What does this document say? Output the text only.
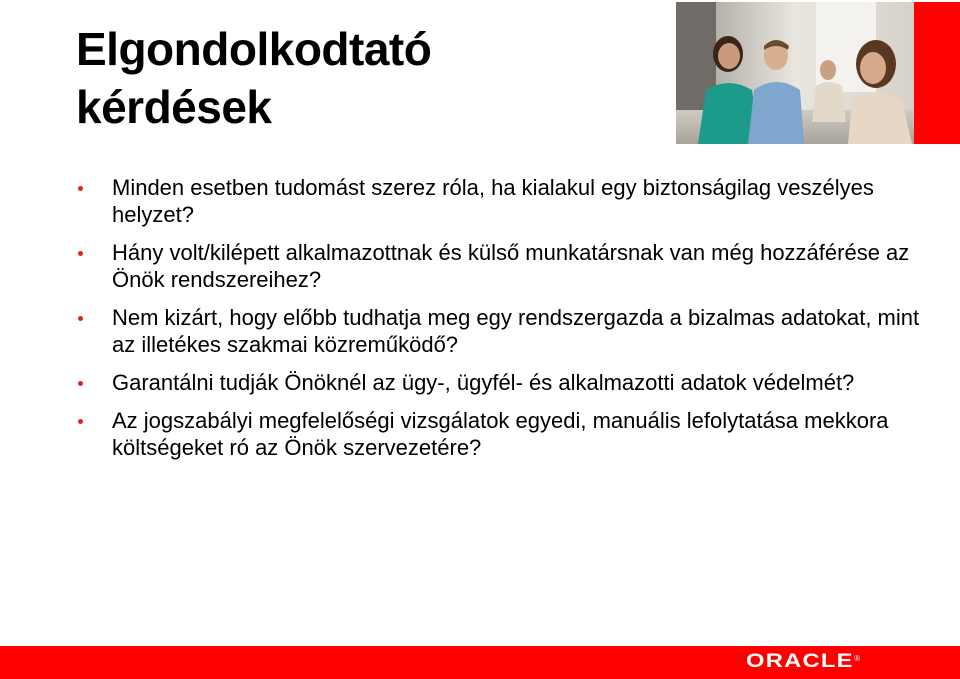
Elgondolkodtató
kérdések
Minden esetben tudomást szerez róla, ha kialakul egy biztonságilag veszélyes helyzet?
Hány volt/kilépett alkalmazottnak és külső munkatársnak van még hozzáférése az Önök rendszereihez?
Nem kizárt, hogy előbb tudhatja meg egy rendszergazda a bizalmas adatokat, mint az illetékes szakmai közreműködő?
Garantálni tudják Önöknél az ügy-, ügyfél- és alkalmazotti adatok védelmét?
Az jogszabályi megfelelőségi vizsgálatok egyedi, manuális lefolytatása mekkora költségeket ró az Önök szervezetére?
ORACLE ®
